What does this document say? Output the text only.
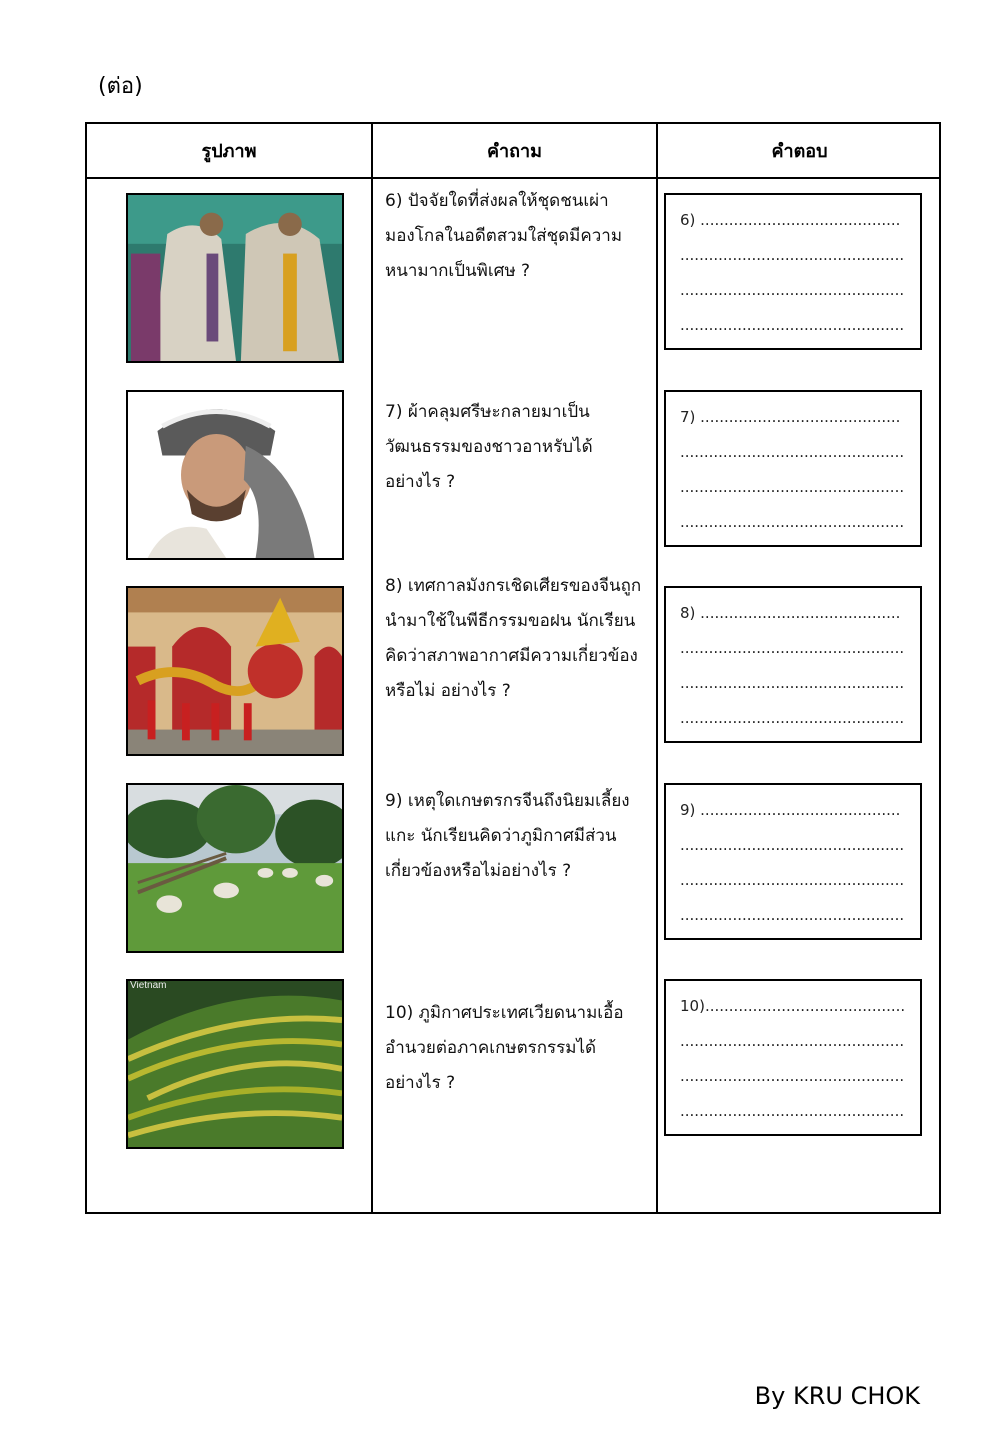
(ต่อ)
รูปภาพ	คำถาม	คำตอบ
6) ปัจจัยใดที่ส่งผลให้ชุดชนเผ่ามองโกลในอดีตสวมใส่ชุดมีความหนามากเป็นพิเศษ ?
6) ..........................................
...............................................
...............................................
...............................................
7) ผ้าคลุมศรีษะกลายมาเป็นวัฒนธรรมของชาวอาหรับได้อย่างไร ?
7) ..........................................
...............................................
...............................................
...............................................
8) เทศกาลมังกรเชิดเศียรของจีนถูกนำมาใช้ในพีธีกรรมขอฝน นักเรียนคิดว่าสภาพอากาศมีความเกี่ยวข้องหรือไม่ อย่างไร ?
8) ..........................................
...............................................
...............................................
...............................................
9) เหตุใดเกษตรกรจีนถึงนิยมเลี้ยงแกะ นักเรียนคิดว่าภูมิกาศมีส่วนเกี่ยวข้องหรือไม่อย่างไร ?
9) ..........................................
...............................................
...............................................
...............................................
Vietnam
10) ภูมิกาศประเทศเวียดนามเอื้ออำนวยต่อภาคเกษตรกรรมได้อย่างไร ?
10)..........................................
...............................................
...............................................
...............................................
By KRU CHOK
